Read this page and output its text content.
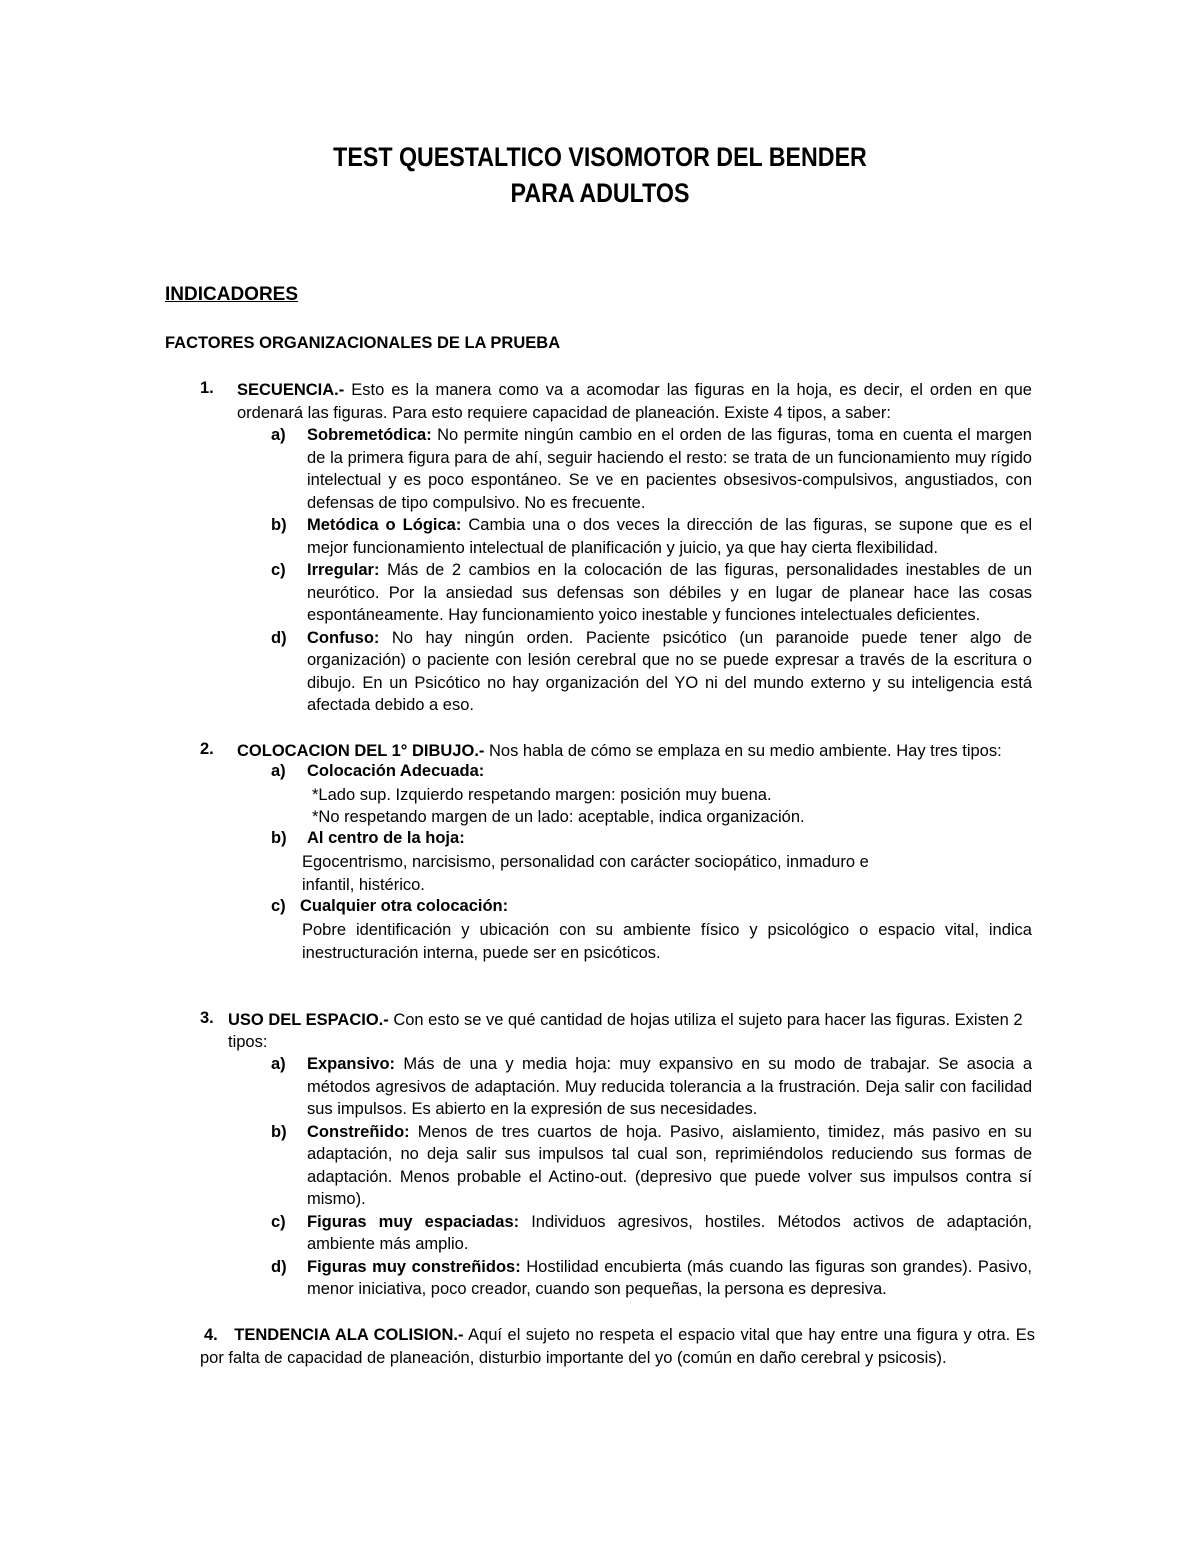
TEST QUESTALTICO VISOMOTOR DEL BENDER
PARA ADULTOS
INDICADORES
FACTORES ORGANIZACIONALES DE LA PRUEBA
1. SECUENCIA.- Esto es la manera como va a acomodar las figuras en la hoja, es decir, el orden en que ordenará las figuras. Para esto requiere capacidad de planeación. Existe 4 tipos, a saber:

a) Sobremetódica: No permite ningún cambio en el orden de las figuras, toma en cuenta el margen de la primera figura para de ahí, seguir haciendo el resto: se trata de un funcionamiento muy rígido intelectual y es poco espontáneo. Se ve en pacientes obsesivos-compulsivos, angustiados, con defensas de tipo compulsivo. No es frecuente.
b) Metódica o Lógica: Cambia una o dos veces la dirección de las figuras, se supone que es el mejor funcionamiento intelectual de planificación y juicio, ya que hay cierta flexibilidad.
c) Irregular: Más de 2 cambios en la colocación de las figuras, personalidades inestables de un neurótico. Por la ansiedad sus defensas son débiles y en lugar de planear hace las cosas espontáneamente. Hay funcionamiento yoico inestable y funciones intelectuales deficientes.
d) Confuso: No hay ningún orden. Paciente psicótico (un paranoide puede tener algo de organización) o paciente con lesión cerebral que no se puede expresar a través de la escritura o dibujo. En un Psicótico no hay organización del YO ni del mundo externo y su inteligencia está afectada debido a eso.
2. COLOCACION DEL 1° DIBUJO.- Nos habla de cómo se emplaza en su medio ambiente. Hay tres tipos:

a) Colocación Adecuada:
*Lado sup. Izquierdo respetando margen: posición muy buena.
*No respetando margen de un lado: aceptable, indica organización.
b) Al centro de la hoja:
Egocentrismo, narcisismo, personalidad con carácter sociopático, inmaduro e
infantil, histérico.
c) Cualquier otra colocación:
Pobre identificación y ubicación con su ambiente físico y psicológico o espacio vital, indica inestructuración interna, puede ser en psicóticos.
3. USO DEL ESPACIO.- Con esto se ve qué cantidad de hojas utiliza el sujeto para hacer las figuras. Existen 2

tipos:
a) Expansivo: Más de una y media hoja: muy expansivo en su modo de trabajar. Se asocia a métodos agresivos de adaptación. Muy reducida tolerancia a la frustración. Deja salir con facilidad sus impulsos. Es abierto en la expresión de sus necesidades.
b) Constreñido: Menos de tres cuartos de hoja. Pasivo, aislamiento, timidez, más pasivo en su adaptación, no deja salir sus impulsos tal cual son, reprimiéndolos reduciendo sus formas de adaptación. Menos probable el Actino-out. (depresivo que puede volver sus impulsos contra sí mismo).
c) Figuras muy espaciadas: Individuos agresivos, hostiles. Métodos activos de adaptación, ambiente más amplio.
d) Figuras muy constreñidos: Hostilidad encubierta (más cuando las figuras son grandes). Pasivo, menor iniciativa, poco creador, cuando son pequeñas, la persona es depresiva.

4. TENDENCIA ALA COLISION.- Aquí el sujeto no respeta el espacio vital que hay entre una figura y otra. Es por falta de capacidad de planeación, disturbio importante del yo (común en daño cerebral y psicosis).
